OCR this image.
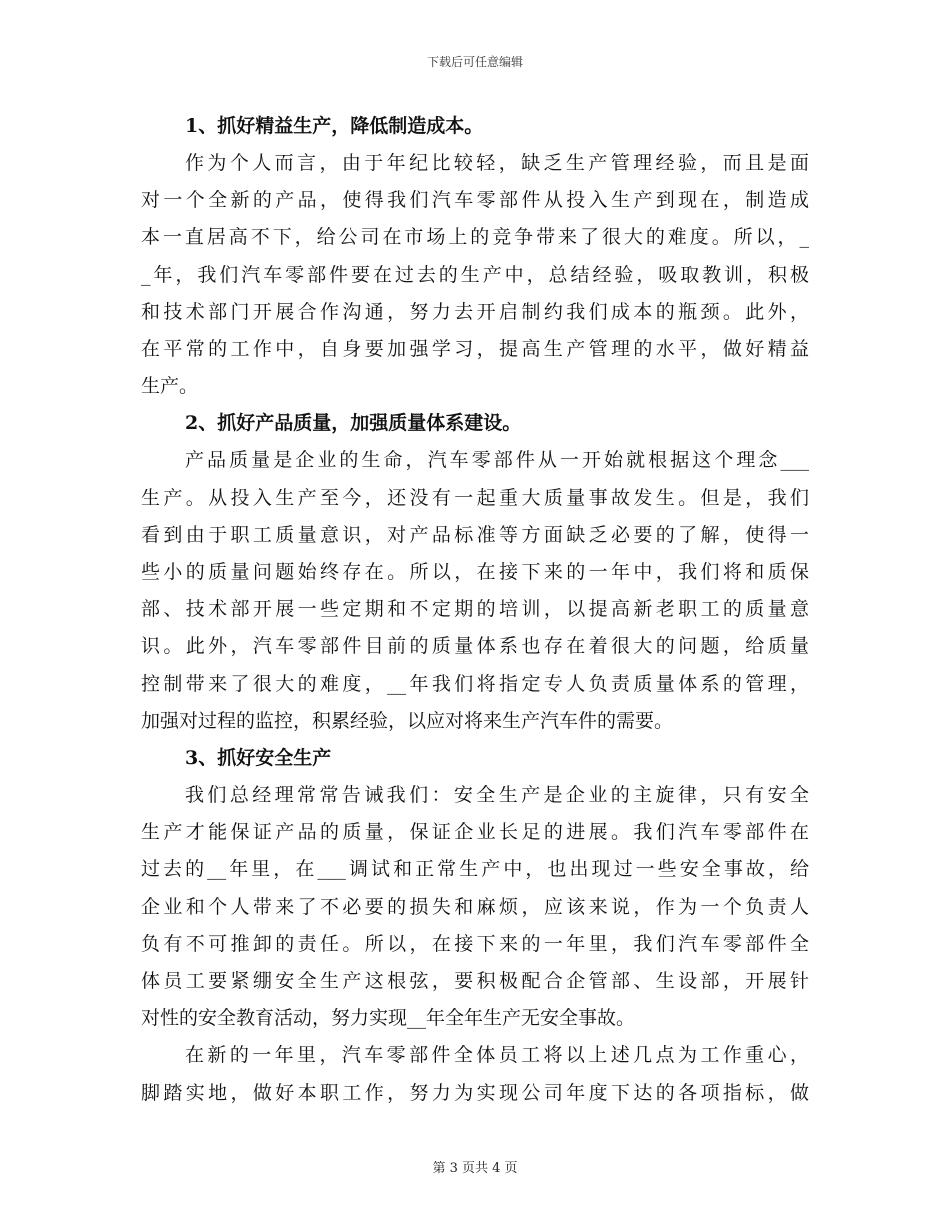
下载后可任意编辑

1、抓好精益生产，降低制造成本。

作为个人而言，由于年纪比较轻，缺乏生产管理经验，而且是面

对一个全新的产品，使得我们汽车零部件从投入生产到现在，制造成

本一直居高不下，给公司在市场上的竞争带来了很大的难度。所以，_

_年，我们汽车零部件要在过去的生产中，总结经验，吸取教训，积极

和技术部门开展合作沟通，努力去开启制约我们成本的瓶颈。此外，

在平常的工作中，自身要加强学习，提高生产管理的水平，做好精益

生产。

2、抓好产品质量，加强质量体系建设。

产品质量是企业的生命，汽车零部件从一开始就根据这个理念___

生产。从投入生产至今，还没有一起重大质量事故发生。但是，我们

看到由于职工质量意识，对产品标准等方面缺乏必要的了解，使得一

些小的质量问题始终存在。所以，在接下来的一年中，我们将和质保

部、技术部开展一些定期和不定期的培训，以提高新老职工的质量意

识。此外，汽车零部件目前的质量体系也存在着很大的问题，给质量

控制带来了很大的难度，__年我们将指定专人负责质量体系的管理，

加强对过程的监控，积累经验，以应对将来生产汽车件的需要。

3、抓好安全生产

我们总经理常常告诫我们：安全生产是企业的主旋律，只有安全

生产才能保证产品的质量，保证企业长足的进展。我们汽车零部件在

过去的__年里，在___调试和正常生产中，也出现过一些安全事故，给

企业和个人带来了不必要的损失和麻烦，应该来说，作为一个负责人

负有不可推卸的责任。所以，在接下来的一年里，我们汽车零部件全

体员工要紧绷安全生产这根弦，要积极配合企管部、生设部，开展针

对性的安全教育活动，努力实现__年全年生产无安全事故。

在新的一年里，汽车零部件全体员工将以上述几点为工作重心，

脚踏实地，做好本职工作，努力为实现公司年度下达的各项指标，做

第 3 页共 4 页
